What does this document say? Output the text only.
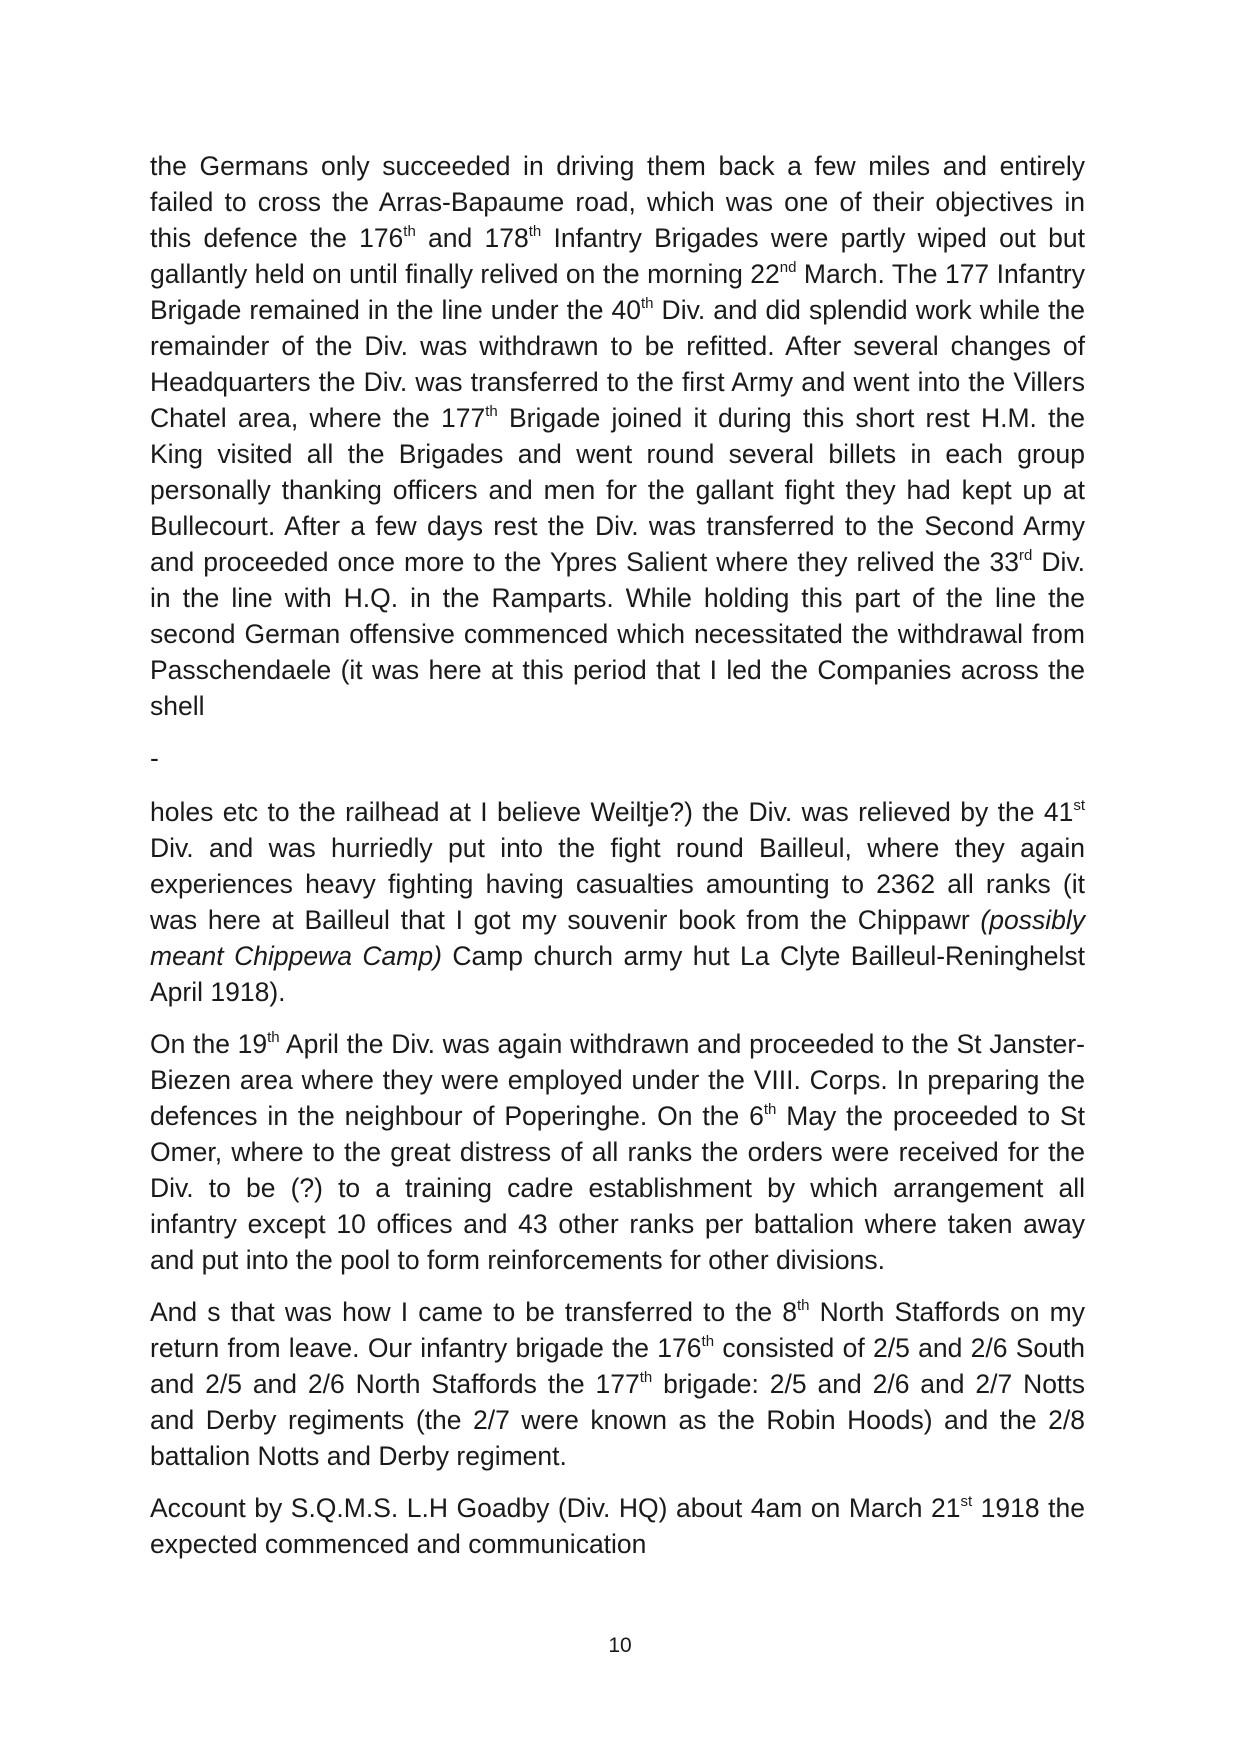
the Germans only succeeded in driving them back a few miles and entirely failed to cross the Arras-Bapaume road, which was one of their objectives in this defence the 176th and 178th Infantry Brigades were partly wiped out but gallantly held on until finally relived on the morning 22nd March. The 177 Infantry Brigade remained in the line under the 40th Div. and did splendid work while the remainder of the Div. was withdrawn to be refitted. After several changes of Headquarters the Div. was transferred to the first Army and went into the Villers Chatel area, where the 177th Brigade joined it during this short rest H.M. the King visited all the Brigades and went round several billets in each group personally thanking officers and men for the gallant fight they had kept up at Bullecourt. After a few days rest the Div. was transferred to the Second Army and proceeded once more to the Ypres Salient where they relived the 33rd Div. in the line with H.Q. in the Ramparts. While holding this part of the line the second German offensive commenced which necessitated the withdrawal from Passchendaele (it was here at this period that I led the Companies across the shell

-

holes etc to the railhead at I believe Weiltje?) the Div. was relieved by the 41st Div. and was hurriedly put into the fight round Bailleul, where they again experiences heavy fighting having casualties amounting to 2362 all ranks (it was here at Bailleul that I got my souvenir book from the Chippawr (possibly meant Chippewa Camp) Camp church army hut La Clyte Bailleul-Reninghelst April 1918).

On the 19th April the Div. was again withdrawn and proceeded to the St Janster-Biezen area where they were employed under the VIII. Corps. In preparing the defences in the neighbour of Poperinghe. On the 6th May the proceeded to St Omer, where to the great distress of all ranks the orders were received for the Div. to be (?) to a training cadre establishment by which arrangement all infantry except 10 offices and 43 other ranks per battalion where taken away and put into the pool to form reinforcements for other divisions.

And s that was how I came to be transferred to the 8th North Staffords on my return from leave. Our infantry brigade the 176th consisted of 2/5 and 2/6 South and 2/5 and 2/6 North Staffords the 177th brigade: 2/5 and 2/6 and 2/7 Notts and Derby regiments (the 2/7 were known as the Robin Hoods) and the 2/8 battalion Notts and Derby regiment.

Account by S.Q.M.S. L.H Goadby (Div. HQ) about 4am on March 21st 1918 the expected commenced and communication

10
